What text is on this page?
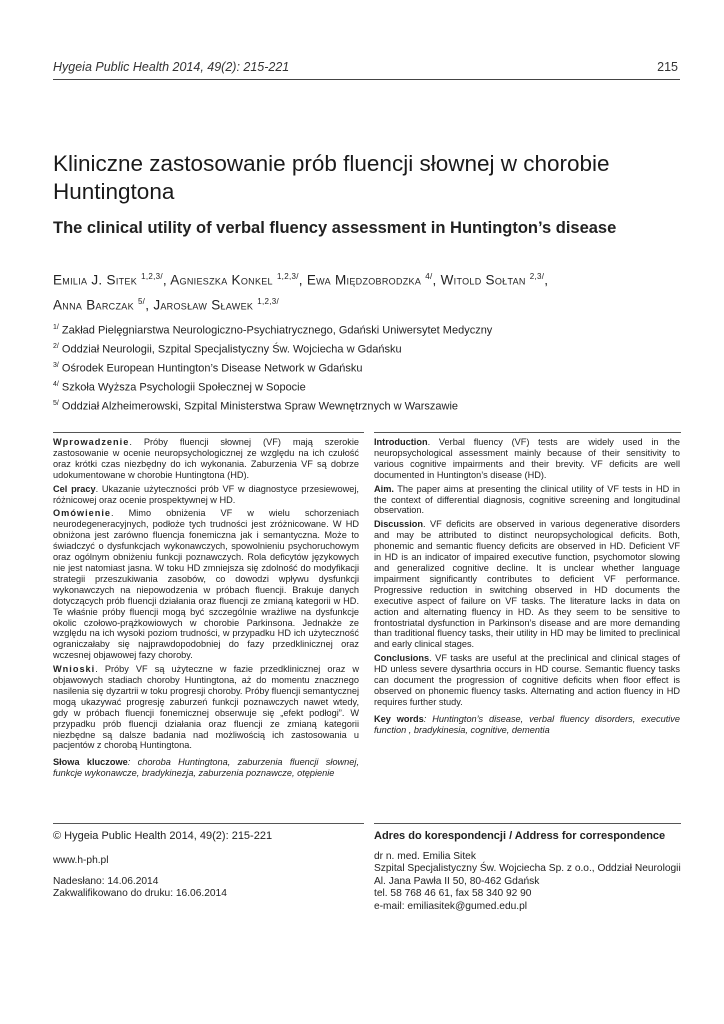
Hygeia Public Health 2014, 49(2): 215-221	215
Kliniczne zastosowanie prób fluencji słownej w chorobie
Huntingtona
The clinical utility of verbal fluency assessment in Huntington’s disease
Emilia J. Sitek $^{1,2,3/}$, Agnieszka Konkel $^{1,2,3/}$, Ewa Międzobrodzka $^{4/}$, Witold Sołtan $^{2,3/}$,
Anna Barczak $^{5/}$, Jarosław Sławek $^{1,2,3/}$
$^{1/}$ Zakład Pielęgniarstwa Neurologiczno-Psychiatrycznego, Gdański Uniwersytet Medyczny
$^{2/}$ Oddział Neurologii, Szpital Specjalistyczny Św. Wojciecha w Gdańsku
$^{3/}$ Ośrodek European Huntington’s Disease Network w Gdańsku
$^{4/}$ Szkoła Wyższa Psychologii Społecznej w Sopocie
$^{5/}$ Oddział Alzheimerowski, Szpital Ministerstwa Spraw Wewnętrznych w Warszawie

Wprowadzenie. Próby fluencji słownej (VF) mają szerokie zastosowanie w ocenie neuropsychologicznej ze względu na ich czułość oraz krótki czas niezbędny do ich wykonania. Zaburzenia VF są dobrze udokumentowane w chorobie Huntingtona (HD).

Cel pracy. Ukazanie użyteczności prób VF w diagnostyce przesiewowej, różnicowej oraz ocenie prospektywnej w HD.

Omówienie. Mimo obniżenia VF w wielu schorzeniach neurodegeneracyjnych, podłoże tych trudności jest zróżnicowane. W HD obniżona jest zarówno fluencja fonemiczna jak i semantyczna. Może to świadczyć o dysfunkcjach wykonawczych, spowolnieniu psychoruchowym oraz ogólnym obniżeniu funkcji poznawczych. Rola deficytów językowych nie jest natomiast jasna. W toku HD zmniejsza się zdolność do modyfikacji strategii przeszukiwania zasobów, co dowodzi wpływu dysfunkcji wykonawczych na niepowodzenia w próbach fluencji. Brakuje danych dotyczących prób fluencji działania oraz fluencji ze zmianą kategorii w HD. Te właśnie próby fluencji mogą być szczególnie wrażliwe na dysfunkcje okolic czołowo-prążkowiowych w chorobie Parkinsona. Jednakże ze względu na ich wysoki poziom trudności, w przypadku HD ich użyteczność ograniczałaby się najprawdopodobniej do fazy przedklinicznej oraz wczesnej objawowej fazy choroby.

Wnioski. Próby VF są użyteczne w fazie przedklinicznej oraz w objawowych stadiach choroby Huntingtona, aż do momentu znacznego nasilenia się dyzartrii w toku progresji choroby. Próby fluencji semantycznej mogą ukazywać progresję zaburzeń funkcji poznawczych nawet wtedy, gdy w próbach fluencji fonemicznej obserwuje się „efekt podłogi”. W przypadku prób fluencji działania oraz fluencji ze zmianą kategorii niezbędne są dalsze badania nad możliwością ich zastosowania u pacjentów z chorobą Huntingtona.

Słowa kluczowe: choroba Huntingtona, zaburzenia fluencji słownej, funkcje wykonawcze, bradykinezja, zaburzenia poznawcze, otępienie

Introduction. Verbal fluency (VF) tests are widely used in the neuropsychological assessment mainly because of their sensitivity to various cognitive impairments and their brevity. VF deficits are well documented in Huntington’s disease (HD).

Aim. The paper aims at presenting the clinical utility of VF tests in HD in the context of differential diagnosis, cognitive screening and longitudinal observation.

Discussion. VF deficits are observed in various degenerative disorders and may be attributed to distinct neuropsychological deficits. Both, phonemic and semantic fluency deficits are observed in HD. Deficient VF in HD is an indicator of impaired executive function, psychomotor slowing and generalized cognitive decline. It is unclear whether language impairment significantly contributes to deficient VF performance. Progressive reduction in switching observed in HD documents the executive aspect of failure on VF tasks. The literature lacks in data on action and alternating fluency in HD. As they seem to be sensitive to frontostriatal dysfunction in Parkinson’s disease and are more demanding than traditional fluency tasks, their utility in HD may be limited to preclinical and early clinical stages.

Conclusions. VF tasks are useful at the preclinical and clinical stages of HD unless severe dysarthria occurs in HD course. Semantic fluency tasks can document the progression of cognitive deficits when floor effect is observed on phonemic fluency tasks. Alternating and action fluency in HD requires further study.

Key words: Huntington’s disease, verbal fluency disorders, executive function , bradykinesia, cognitive, dementia

© Hygeia Public Health 2014, 49(2): 215-221
www.h-ph.pl
Nadesłano: 14.06.2014
Zakwalifikowano do druku: 16.06.2014
Adres do korespondencji / Address for correspondence
dr n. med. Emilia Sitek
Szpital Specjalistyczny Św. Wojciecha Sp. z o.o., Oddział Neurologii
Al. Jana Pawła II 50, 80-462 Gdańsk
tel. 58 768 46 61, fax 58 340 92 90
e-mail: emiliasitek@gumed.edu.pl
